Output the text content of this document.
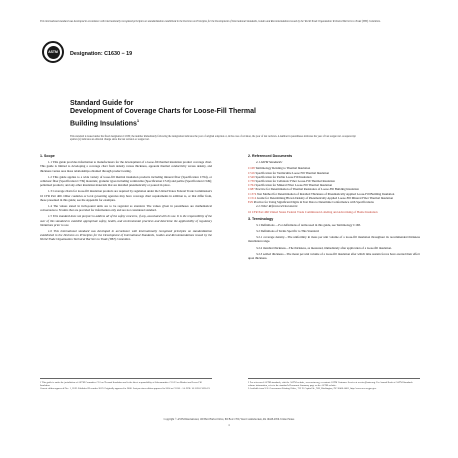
This international standard was developed in accordance with internationally recognized principles on standardization established in the Decision on Principles for the Development of International Standards, Guides and Recommendations issued by the World Trade Organization Technical Barriers to Trade (TBT) Committee.
ASTM	Designation: C1630 − 19
Standard Guide for
Development of Coverage Charts for Loose-Fill Thermal
Building Insulations$^1$
This standard is issued under the fixed designation C1630; the number immediately following the designation indicates the year of original adoption or, in the case of revision, the year of last revision. A number in parentheses indicates the year of last reapproval. A superscript epsilon (ε) indicates an editorial change since the last revision or reapproval.
1. Scope

1.1 This guide provides information to manufacturers for the development of a loose-fill thermal insulation product coverage chart. This guide is limited to developing a coverage chart from density versus thickness, apparent thermal conductivity versus density, and thickness versus area mass relationships obtained through product testing.

1.2 This guide applies to a wide variety of loose-fill thermal insulation products including mineral fiber (Specification C764), or cellulosic fiber (Specification C739) materials; granular types including vermiculite (Specification C516) and perlite (Specification C549); pelletized products; and any other insulation materials that are installed pneumatically or poured in place.

1.3 Coverage charts for loose-fill insulation products are required by regulation under the United States Federal Trade Commission's 16 CFR Part 460. Other countries or local governing agencies may have coverage chart requirements in addition to, or that differ from, those presented in this guide; see the Appendix for examples.

1.4 The values stated in inch-pound units are to be regarded as standard. The values given in parentheses are mathematical conversions to SI units that are provided for information only and are not considered standard.

1.5 This standard does not purport to address all of the safety concerns, if any, associated with its use. It is the responsibility of the user of this standard to establish appropriate safety, health, and environmental practices and determine the applicability of regulatory limitations prior to use.

1.6 This international standard was developed in accordance with internationally recognized principles on standardization established in the Decision on Principles for the Development of International Standards, Guides and Recommendations issued by the World Trade Organization Technical Barriers to Trade (TBT) Committee.

2. Referenced Documents

2.1 ASTM Standards:

C168 Terminology Relating to Thermal Insulation

C516 Specification for Vermiculite Loose Fill Thermal Insulation

C549 Specification for Perlite Loose Fill Insulation

C739 Specification for Cellulosic Fiber Loose-Fill Thermal Insulation

C764 Specification for Mineral Fiber Loose-Fill Thermal Insulation

C687 Practice for Determination of Thermal Resistance of Loose-Fill Building Insulation

C1374 Test Method for Determination of Installed Thickness of Pneumatically Applied Loose-Fill Building Insulation

C1514 Guide for Determining Blown Density of Pneumatically Applied Loose-Fill Mineral Fiber Thermal Insulation

E29 Practice for Using Significant Digits in Test Data to Determine Conformance with Specifications

2.2 Other Referenced Documents:

16 CFR Part 460 United States Federal Trade Commission Labeling and Advertising of Home Insulation

3. Terminology

3.1 Definitions —For definitions of terms used in this guide, see Terminology C168.

3.2 Definitions of Terms Specific to This Standard:

3.2.1 coverage density—The uniformity in mass per unit volume of a loose-fill insulation throughout its recommended thickness installation range.

3.2.2 installed thickness—The thickness, as measured, immediately after application of a loose-fill insulation.

3.2.3 settled thickness—The mean per unit volume of a loose-fill insulation after which time sustain forces have exerted their effect upon thickness.

1 This guide is under the jurisdiction of ASTM Committee C16 on Thermal Insulation and is the direct responsibility of Subcommittee C16.23 on Blanket and Loose Fill Insulation.
Current edition approved Dec. 1, 2019. Published December 2019. Originally approved in 2006. Last previous edition approved in 2014 as C1630 − 14. DOI: 10.1520/C1630-19.
2 For referenced ASTM standards, visit the ASTM website, www.astm.org, or contact ASTM Customer Service at service@astm.org. For Annual Book of ASTM Standards volume information, refer to the standard's Document Summary page on the ASTM website.
3 Available from U.S. Government Printing Office, 732 N. Capitol St., NW, Washington, DC 20401-0001, http://www.access.gpo.gov.
Copyright © ASTM International, 100 Barr Harbor Drive, PO Box C700, West Conshohocken, PA 19428-2959. United States
1
